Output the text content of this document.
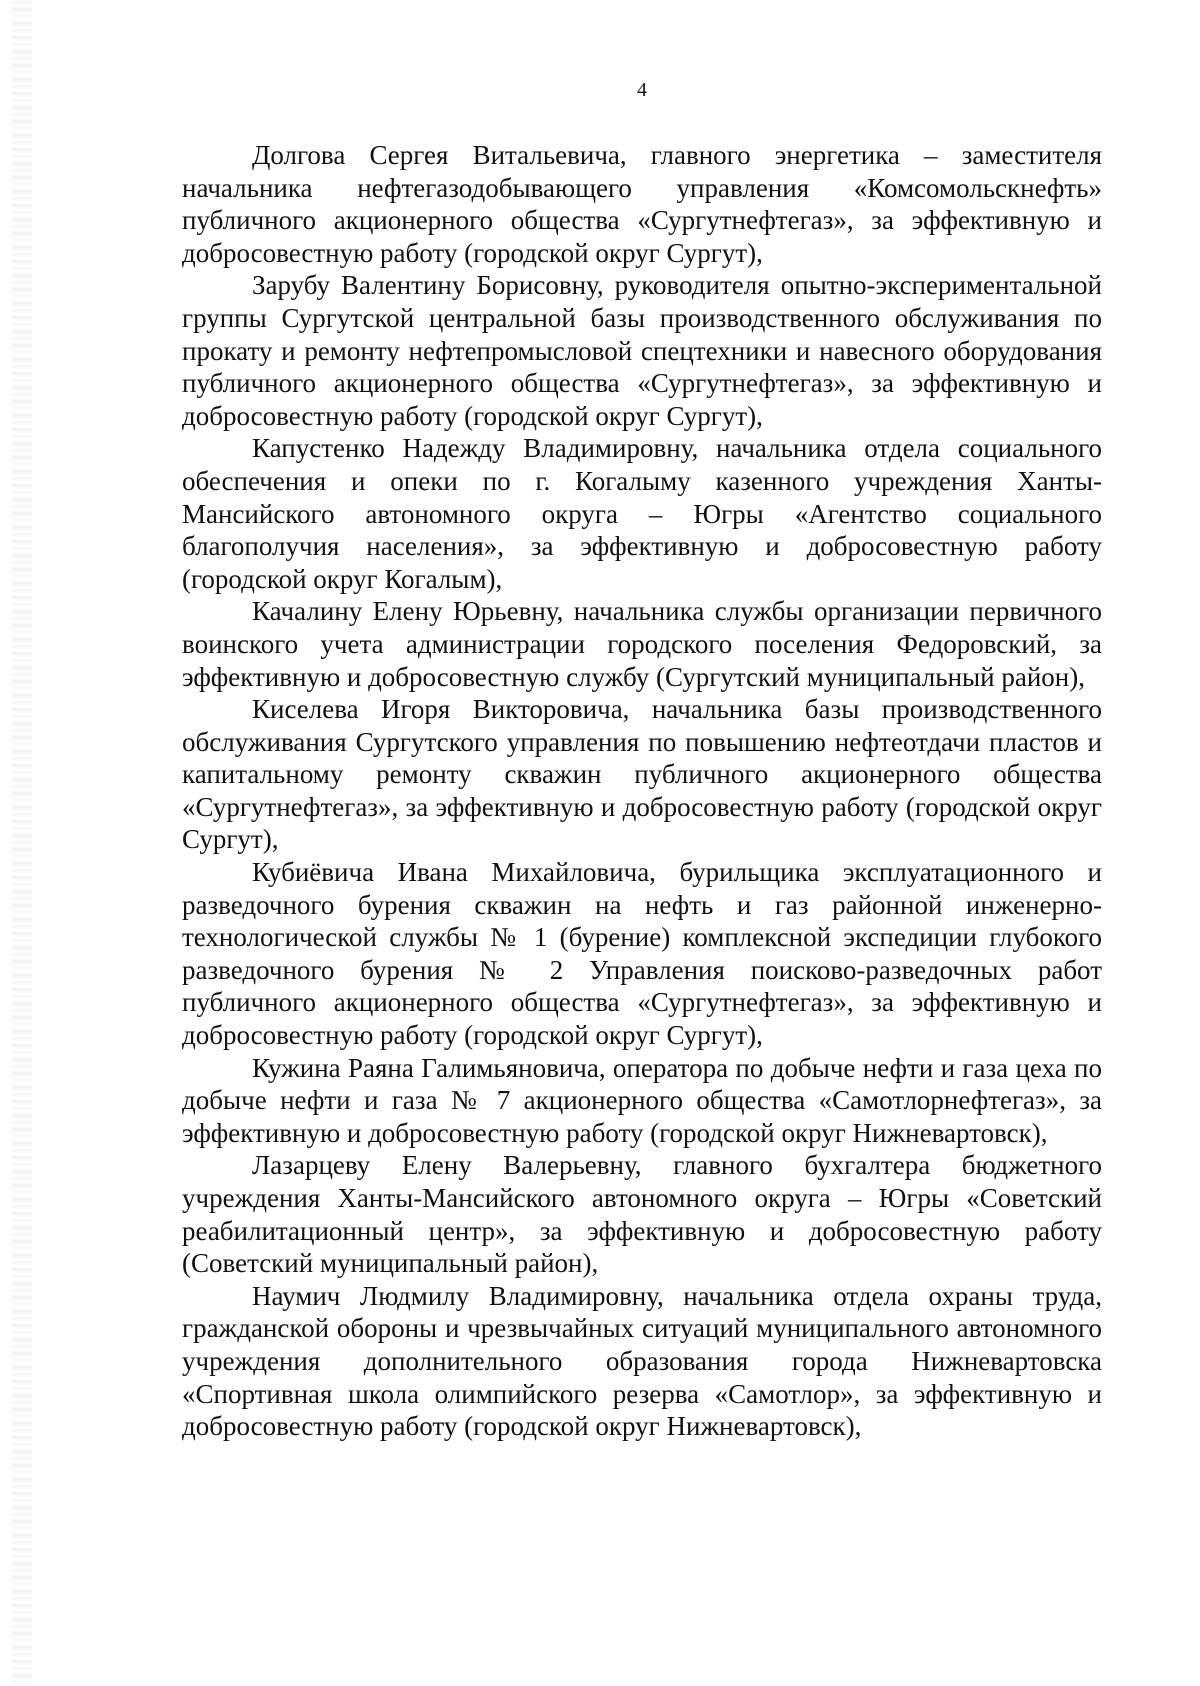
4

Долгова Сергея Витальевича, главного энергетика – заместителя начальника нефтегазодобывающего управления «Комсомольскнефть» публичного акционерного общества «Сургутнефтегаз», за эффективную и добросовестную работу (городской округ Сургут),

Зарубу Валентину Борисовну, руководителя опытно-экспериментальной группы Сургутской центральной базы производственного обслуживания по прокату и ремонту нефтепромысловой спецтехники и навесного оборудования публичного акционерного общества «Сургутнефтегаз», за эффективную и добросовестную работу (городской округ Сургут),

Капустенко Надежду Владимировну, начальника отдела социального обеспечения и опеки по г. Когалыму казенного учреждения Ханты-Мансийского автономного округа – Югры «Агентство социального благополучия населения», за эффективную и добросовестную работу (городской округ Когалым),

Качалину Елену Юрьевну, начальника службы организации первичного воинского учета администрации городского поселения Федоровский, за эффективную и добросовестную службу (Сургутский муниципальный район),

Киселева Игоря Викторовича, начальника базы производственного обслуживания Сургутского управления по повышению нефтеотдачи пластов и капитальному ремонту скважин публичного акционерного общества «Сургутнефтегаз», за эффективную и добросовестную работу (городской округ Сургут),

Кубиёвича Ивана Михайловича, бурильщика эксплуатационного и разведочного бурения скважин на нефть и газ районной инженерно-технологической службы № 1 (бурение) комплексной экспедиции глубокого разведочного бурения № 2 Управления поисково-разведочных работ публичного акционерного общества «Сургутнефтегаз», за эффективную и добросовестную работу (городской округ Сургут),

Кужина Раяна Галимьяновича, оператора по добыче нефти и газа цеха по добыче нефти и газа № 7 акционерного общества «Самотлорнефтегаз», за эффективную и добросовестную работу (городской округ Нижневартовск),

Лазарцеву Елену Валерьевну, главного бухгалтера бюджетного учреждения Ханты-Мансийского автономного округа – Югры «Советский реабилитационный центр», за эффективную и добросовестную работу (Советский муниципальный район),

Наумич Людмилу Владимировну, начальника отдела охраны труда, гражданской обороны и чрезвычайных ситуаций муниципального автономного учреждения дополнительного образования города Нижневартовска «Спортивная школа олимпийского резерва «Самотлор», за эффективную и добросовестную работу (городской округ Нижневартовск),
